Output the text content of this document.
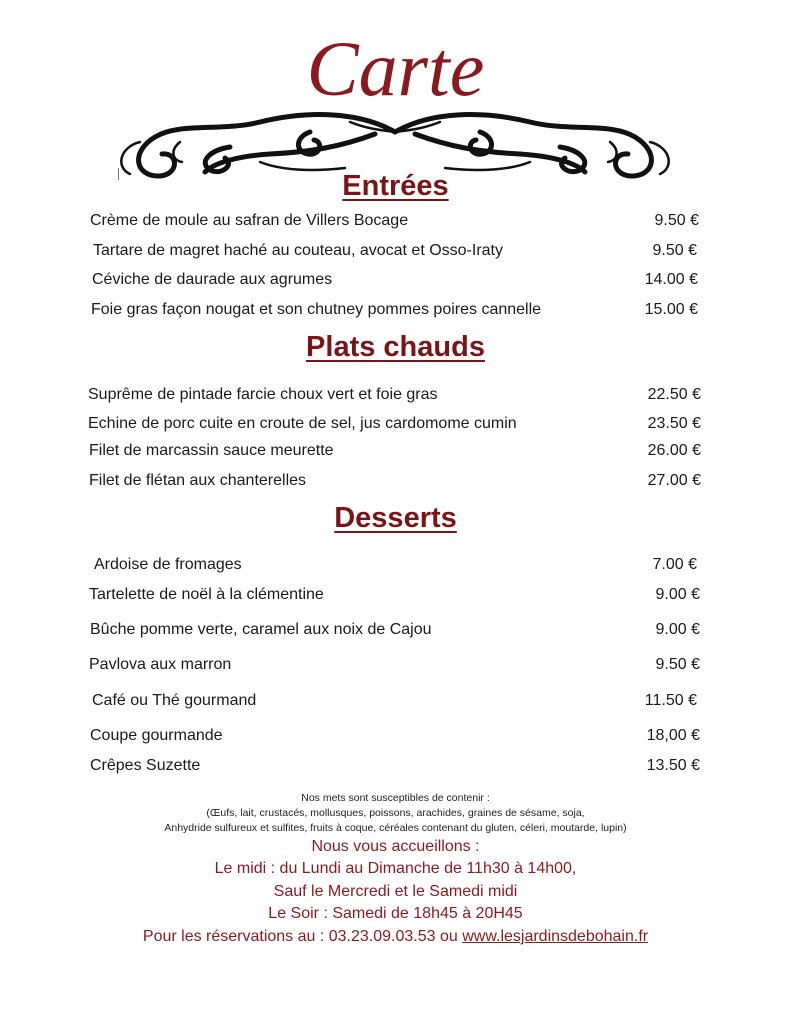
Carte
Entrées
Crème de moule au safran de Villers Bocage	9.50 €
Tartare de magret haché au couteau, avocat et Osso-Iraty	9.50 €
Céviche de daurade aux agrumes	14.00 €
Foie gras façon nougat et son chutney pommes poires cannelle	15.00 €
Plats chauds
Suprême de pintade farcie choux vert et foie gras	22.50 €
Echine de porc cuite en croute de sel, jus cardomome cumin	23.50 €
Filet de marcassin sauce meurette	26.00 €
Filet de flétan aux chanterelles	27.00 €
Desserts
Ardoise de fromages	7.00 €
Tartelette de noël à la clémentine	9.00 €
Bûche pomme verte, caramel aux noix de Cajou	9.00 €
Pavlova aux marron	9.50 €
Café ou Thé gourmand	11.50 €
Coupe gourmande	18,00 €
Crêpes Suzette	13.50 €
Nos mets sont susceptibles de contenir :
(Œufs, lait, crustacés, mollusques, poissons, arachides, graines de sésame, soja,
Anhydride sulfureux et sulfites, fruits à coque, céréales contenant du gluten, céleri, moutarde, lupin)
Nous vous accueillons :
Le midi : du Lundi au Dimanche de 11h30 à 14h00,
Sauf le Mercredi et le Samedi midi
Le Soir : Samedi de 18h45 à 20H45
Pour les réservations au : 03.23.09.03.53 ou www.lesjardinsdebohain.fr
